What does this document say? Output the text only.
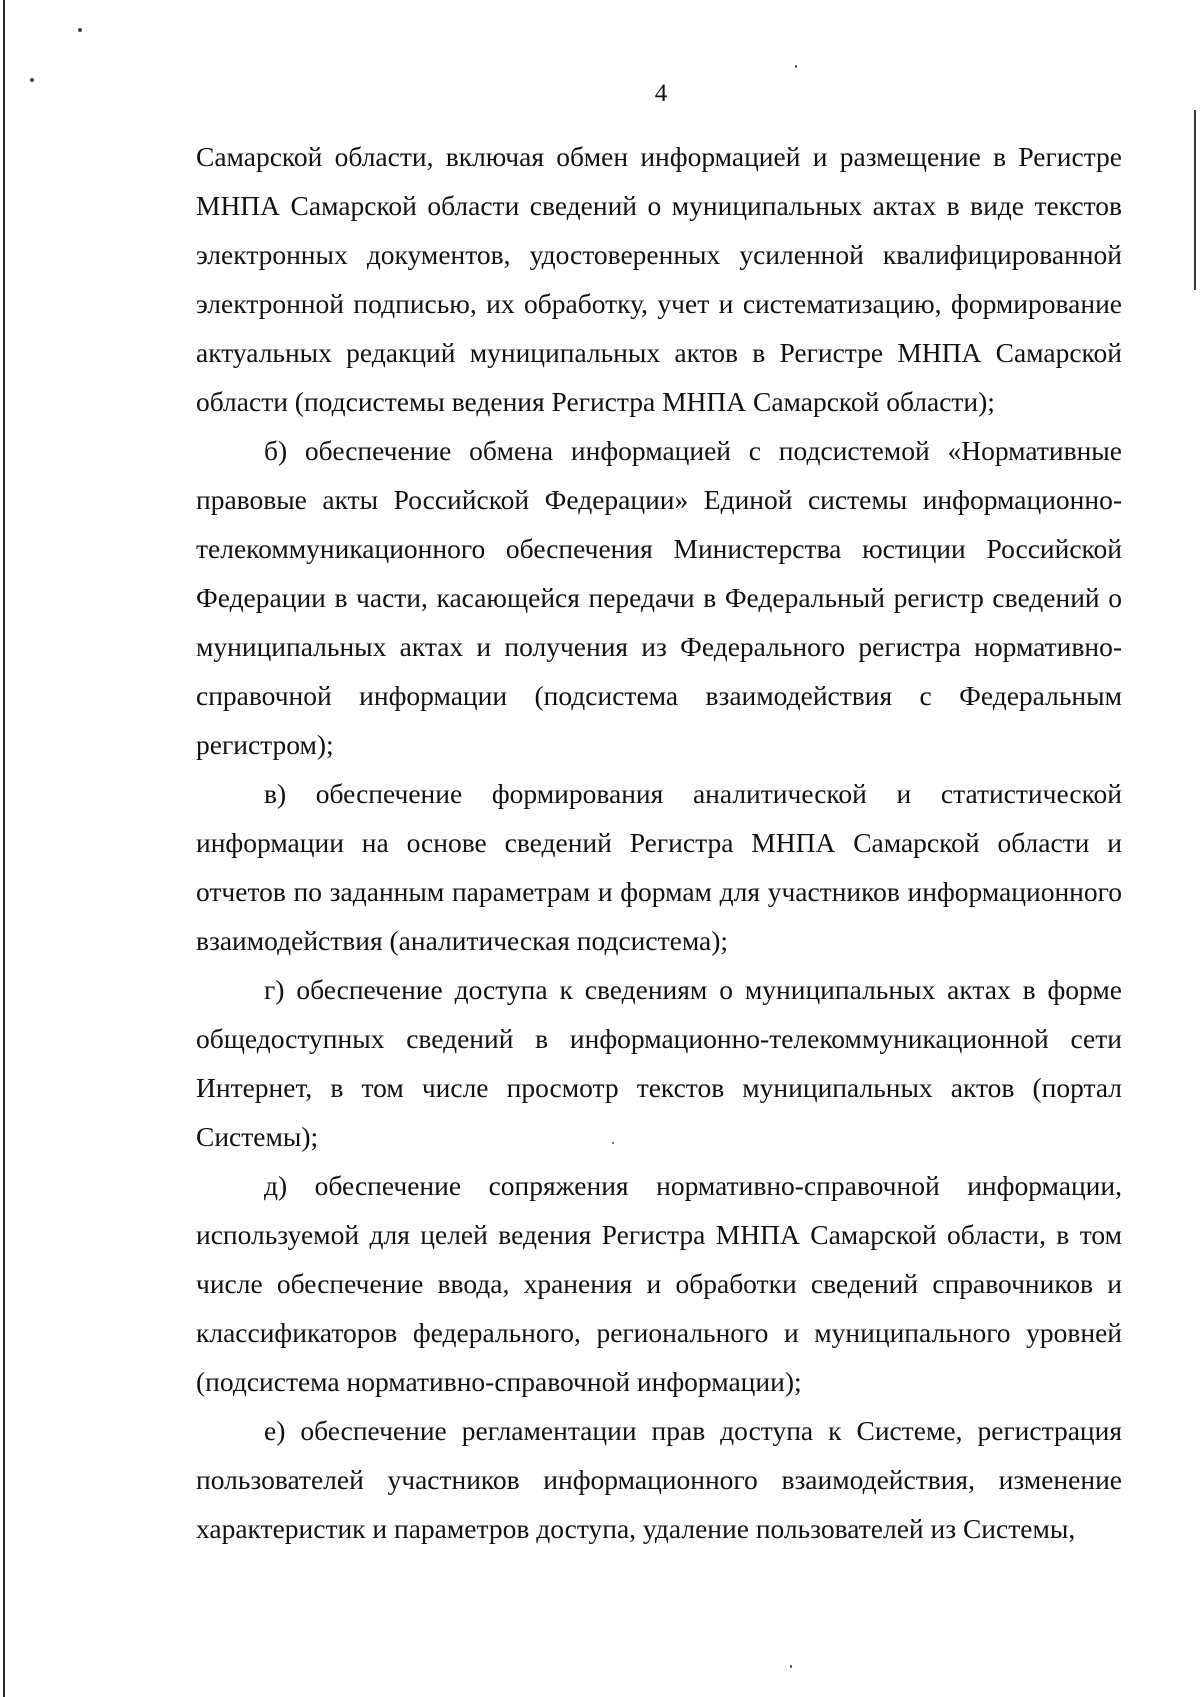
4

Самарской области, включая обмен информацией и размещение в Регистре МНПА Самарской области сведений о муниципальных актах в виде текстов электронных документов, удостоверенных усиленной квалифицированной электронной подписью, их обработку, учет и систематизацию, формирование актуальных редакций муниципальных актов в Регистре МНПА Самарской области (подсистемы ведения Регистра МНПА Самарской области);

б) обеспечение обмена информацией с подсистемой «Нормативные правовые акты Российской Федерации» Единой системы информационно-телекоммуникационного обеспечения Министерства юстиции Российской Федерации в части, касающейся передачи в Федеральный регистр сведений о муниципальных актах и получения из Федерального регистра нормативно-справочной информации (подсистема взаимодействия с Федеральным регистром);

в) обеспечение формирования аналитической и статистической информации на основе сведений Регистра МНПА Самарской области и отчетов по заданным параметрам и формам для участников информационного взаимодействия (аналитическая подсистема);

г) обеспечение доступа к сведениям о муниципальных актах в форме общедоступных сведений в информационно-телекоммуникационной сети Интернет, в том числе просмотр текстов муниципальных актов (портал Системы);

д) обеспечение сопряжения нормативно-справочной информации, используемой для целей ведения Регистра МНПА Самарской области, в том числе обеспечение ввода, хранения и обработки сведений справочников и классификаторов федерального, регионального и муниципального уровней (подсистема нормативно-справочной информации);

е) обеспечение регламентации прав доступа к Системе, регистрация пользователей участников информационного взаимодействия, изменение характеристик и параметров доступа, удаление пользователей из Системы,
